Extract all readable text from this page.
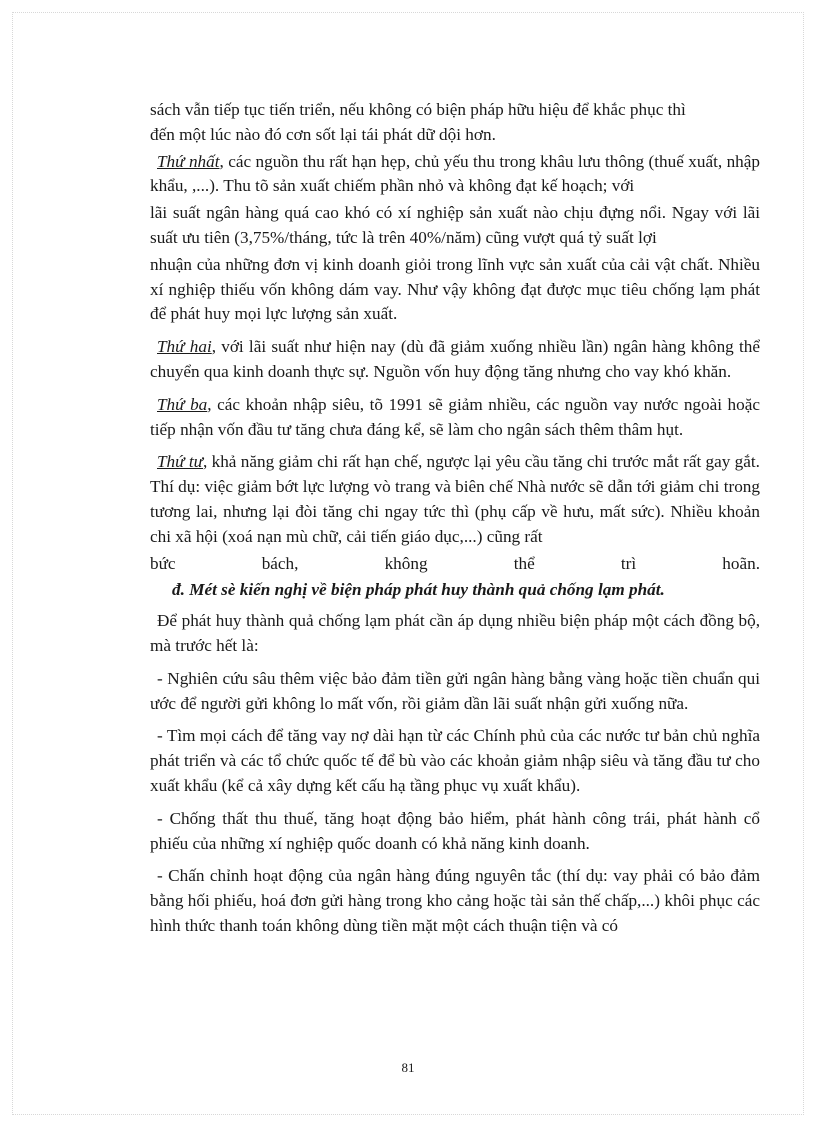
sách vẫn tiếp tục tiến triển, nếu không có biện pháp hữu hiệu để khắc phục thì
đến một lúc nào đó cơn sốt lại tái phát dữ dội hơn.

Thứ nhất, các nguồn thu rất hạn hẹp, chủ yếu thu trong khâu lưu thông (thuế xuất, nhập khẩu, ,...). Thu tõ sản xuất chiếm phần nhỏ và không đạt kế hoạch; với

lãi suất ngân hàng quá cao khó có xí nghiệp sản xuất nào chịu đựng nổi. Ngay với lãi suất ưu tiên (3,75%/tháng, tức là trên 40%/năm) cũng vượt quá tỷ suất lợi

nhuận của những đơn vị kinh doanh giỏi trong lĩnh vực sản xuất của cải vật chất. Nhiều xí nghiệp thiếu vốn không dám vay. Như vậy không đạt được mục tiêu chống lạm phát để phát huy mọi lực lượng sản xuất.

Thứ hai, với lãi suất như hiện nay (dù đã giảm xuống nhiều lần) ngân hàng không thể chuyển qua kinh doanh thực sự. Nguồn vốn huy động tăng nhưng cho vay khó khăn.

Thứ ba, các khoản nhập siêu, tõ 1991 sẽ giảm nhiều, các nguồn vay nước ngoài hoặc tiếp nhận vốn đầu tư tăng chưa đáng kể, sẽ làm cho ngân sách thêm thâm hụt.

Thứ tư, khả năng giảm chi rất hạn chế, ngược lại yêu cầu tăng chi trước mắt rất gay gắt. Thí dụ: việc giảm bớt lực lượng vò trang và biên chế Nhà nước sẽ dẫn tới giảm chi trong tương lai, nhưng lại đòi tăng chi ngay tức thì (phụ cấp về hưu, mất sức). Nhiều khoản chi xã hội (xoá nạn mù chữ, cải tiến giáo dục,...) cũng rất

bức bách, không thể trì hoãn.

đ. Mét sè kiến nghị về biện pháp phát huy thành quả chống lạm phát.

Để phát huy thành quả chống lạm phát cần áp dụng nhiều biện pháp một cách đồng bộ, mà trước hết là:

- Nghiên cứu sâu thêm việc bảo đảm tiền gửi ngân hàng bằng vàng hoặc tiền chuẩn qui ước để người gửi không lo mất vốn, rồi giảm dần lãi suất nhận gửi xuống nữa.

- Tìm mọi cách để tăng vay nợ dài hạn từ các Chính phủ của các nước tư bản chủ nghĩa phát triển và các tổ chức quốc tế để bù vào các khoản giảm nhập siêu và tăng đầu tư cho xuất khẩu (kể cả xây dựng kết cấu hạ tầng phục vụ xuất khẩu).

- Chống thất thu thuế, tăng hoạt động bảo hiểm, phát hành công trái, phát hành cổ phiếu của những xí nghiệp quốc doanh có khả năng kinh doanh.

- Chấn chỉnh hoạt động của ngân hàng đúng nguyên tắc (thí dụ: vay phải có bảo đảm bằng hối phiếu, hoá đơn gửi hàng trong kho cảng hoặc tài sản thế chấp,...) khôi phục các hình thức thanh toán không dùng tiền mặt một cách thuận tiện và có

81
